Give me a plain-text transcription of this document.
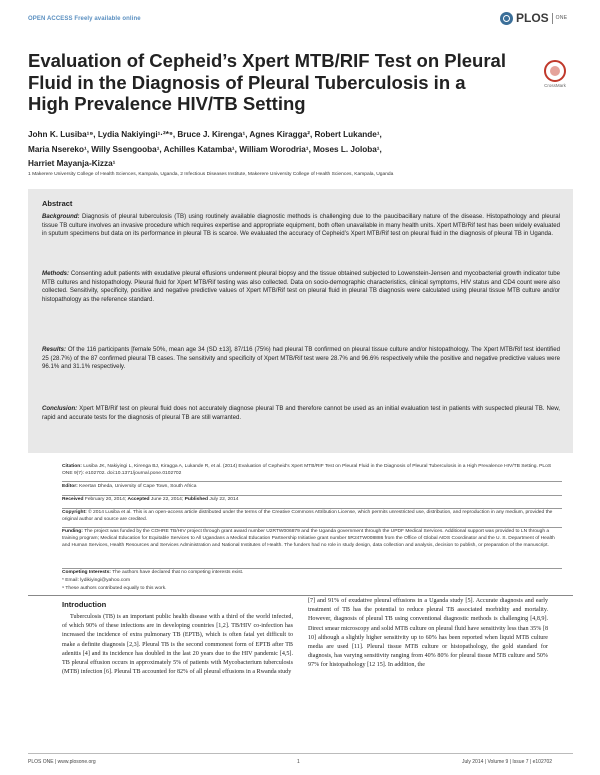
OPEN ACCESS Freely available online	PLOS ONE
Evaluation of Cepheid’s Xpert MTB/RIF Test on Pleural Fluid in the Diagnosis of Pleural Tuberculosis in a High Prevalence HIV/TB Setting
CrossMark
John K. Lusiba¹⁹, Lydia Nakiyingi¹·²*⁹, Bruce J. Kirenga¹, Agnes Kiragga², Robert Lukande¹,
Maria Nsereko¹, Willy Ssengooba¹, Achilles Katamba¹, William Worodria¹, Moses L. Joloba¹,
Harriet Mayanja-Kizza¹
1 Makerere University College of Health Sciences, Kampala, Uganda, 2 Infectious Diseases Institute, Makerere University College of Health Sciences, Kampala, Uganda
Abstract
Background: Diagnosis of pleural tuberculosis (TB) using routinely available diagnostic methods is challenging due to the paucibacillary nature of the disease. Histopathology and pleural tissue TB culture involves an invasive procedure which requires expertise and appropriate equipment, both often unavailable in many health units. Xpert MTB/Rif test has been widely evaluated in sputum specimens but data on its performance in pleural TB is scarce. We evaluated the accuracy of Cepheid’s Xpert MTB/Rif test on pleural fluid in the diagnosis of pleural TB in Uganda.
Methods: Consenting adult patients with exudative pleural effusions underwent pleural biopsy and the tissue obtained subjected to Lowenstein-Jensen and mycobacterial growth indicator tube MTB cultures and histopathology. Pleural fluid for Xpert MTB/Rif testing was also collected. Data on socio-demographic characteristics, clinical symptoms, HIV status and CD4 count were also collected. Sensitivity, specificity, positive and negative predictive values of Xpert MTB/Rif test on pleural fluid in pleural TB diagnosis were calculated using pleural tissue MTB culture and/or histopathology as the reference standard.
Results: Of the 116 participants [female 50%, mean age 34 (SD ±13], 87/116 (75%) had pleural TB confirmed on pleural tissue culture and/or histopathology. The Xpert MTB/Rif test identified 25 (28.7%) of the 87 confirmed pleural TB cases. The sensitivity and specificity of Xpert MTB/Rif test were 28.7% and 96.6% respectively while the positive and negative predictive values were 96.1% and 31.1% respectively.
Conclusion: Xpert MTB/Rif test on pleural fluid does not accurately diagnose pleural TB and therefore cannot be used as an initial evaluation test in patients with suspected pleural TB. New, rapid and accurate tests for the diagnosis of pleural TB are still warranted.
Citation: Lusiba JK, Nakiyingi L, Kirenga BJ, Kiragga A, Lukande R, et al. (2014) Evaluation of Cepheid’s Xpert MTB/RIF Test on Pleural Fluid in the Diagnosis of Pleural Tuberculosis in a High Prevalence HIV/TB Setting. PLoS ONE 9(7): e102702. doi:10.1371/journal.pone.0102702
Editor: Keertan Dheda, University of Cape Town, South Africa
Received February 20, 2014; Accepted June 22, 2014; Published July 22, 2014
Copyright: © 2014 Lusiba et al. This is an open-access article distributed under the terms of the Creative Commons Attribution License, which permits unrestricted use, distribution, and reproduction in any medium, provided the original author and source are credited.
Funding: The project was funded by the COHRE TB/HIV project through grant award number U2RTW006879 and the Uganda government through the UPDF Medical Services. Additional support was provided to LN through a training program; Medical Education for Equitable Services to All Ugandans a Medical Education Partnership Initiative grant number 5R24TW008886 from the Office of Global AIDS Coordinator and the U. S. Department of Health and Human Services, Health Resources and Services Administration and National Institutes of Health. The funders had no role in study design, data collection and analysis, decision to publish, or preparation of the manuscript.
Competing Interests: The authors have declared that no competing interests exist.
* Email: lydikiyingi@yahoo.com
⁹ These authors contributed equally to this work.
Introduction
Tuberculosis (TB) is an important public health disease with a third of the world infected, of which 90% of these infections are in developing countries [1,2]. TB/HIV co-infection has increased the incidence of extra pulmonary TB (EPTB), which is often fatal yet difficult to make a definite diagnosis [2,3]. Pleural TB is the second commonest form of EPTB after TB adenitis [4] and its incidence has doubled in the last 20 years due to the HIV pandemic [4,5]. TB pleural effusion occurs in approximately 5% of patients with Mycobacterium tuberculosis (MTB) infection [6]. Pleural TB accounted for 82% of all pleural effusions in a Rwanda study
[7] and 91% of exudative pleural effusions in a Uganda study [5]. Accurate diagnosis and early treatment of TB has the potential to reduce pleural TB associated morbidity and mortality. However, diagnosis of pleural TB using conventional diagnostic methods is challenging [4,8,9]. Direct smear microscopy and solid MTB culture on pleural fluid have sensitivity less than 35% [8 10] although a slightly higher sensitivity up to 60% has been reported when liquid MTB culture media are used [11]. Pleural tissue MTB culture or histopathology, the gold standard for diagnosis, has varying sensitivity ranging from 40% 80% for pleural tissue MTB culture and 50% 97% for histopathology [12 15]. In addition, the
PLOS ONE | www.plosone.org	1	July 2014 | Volume 9 | Issue 7 | e102702
